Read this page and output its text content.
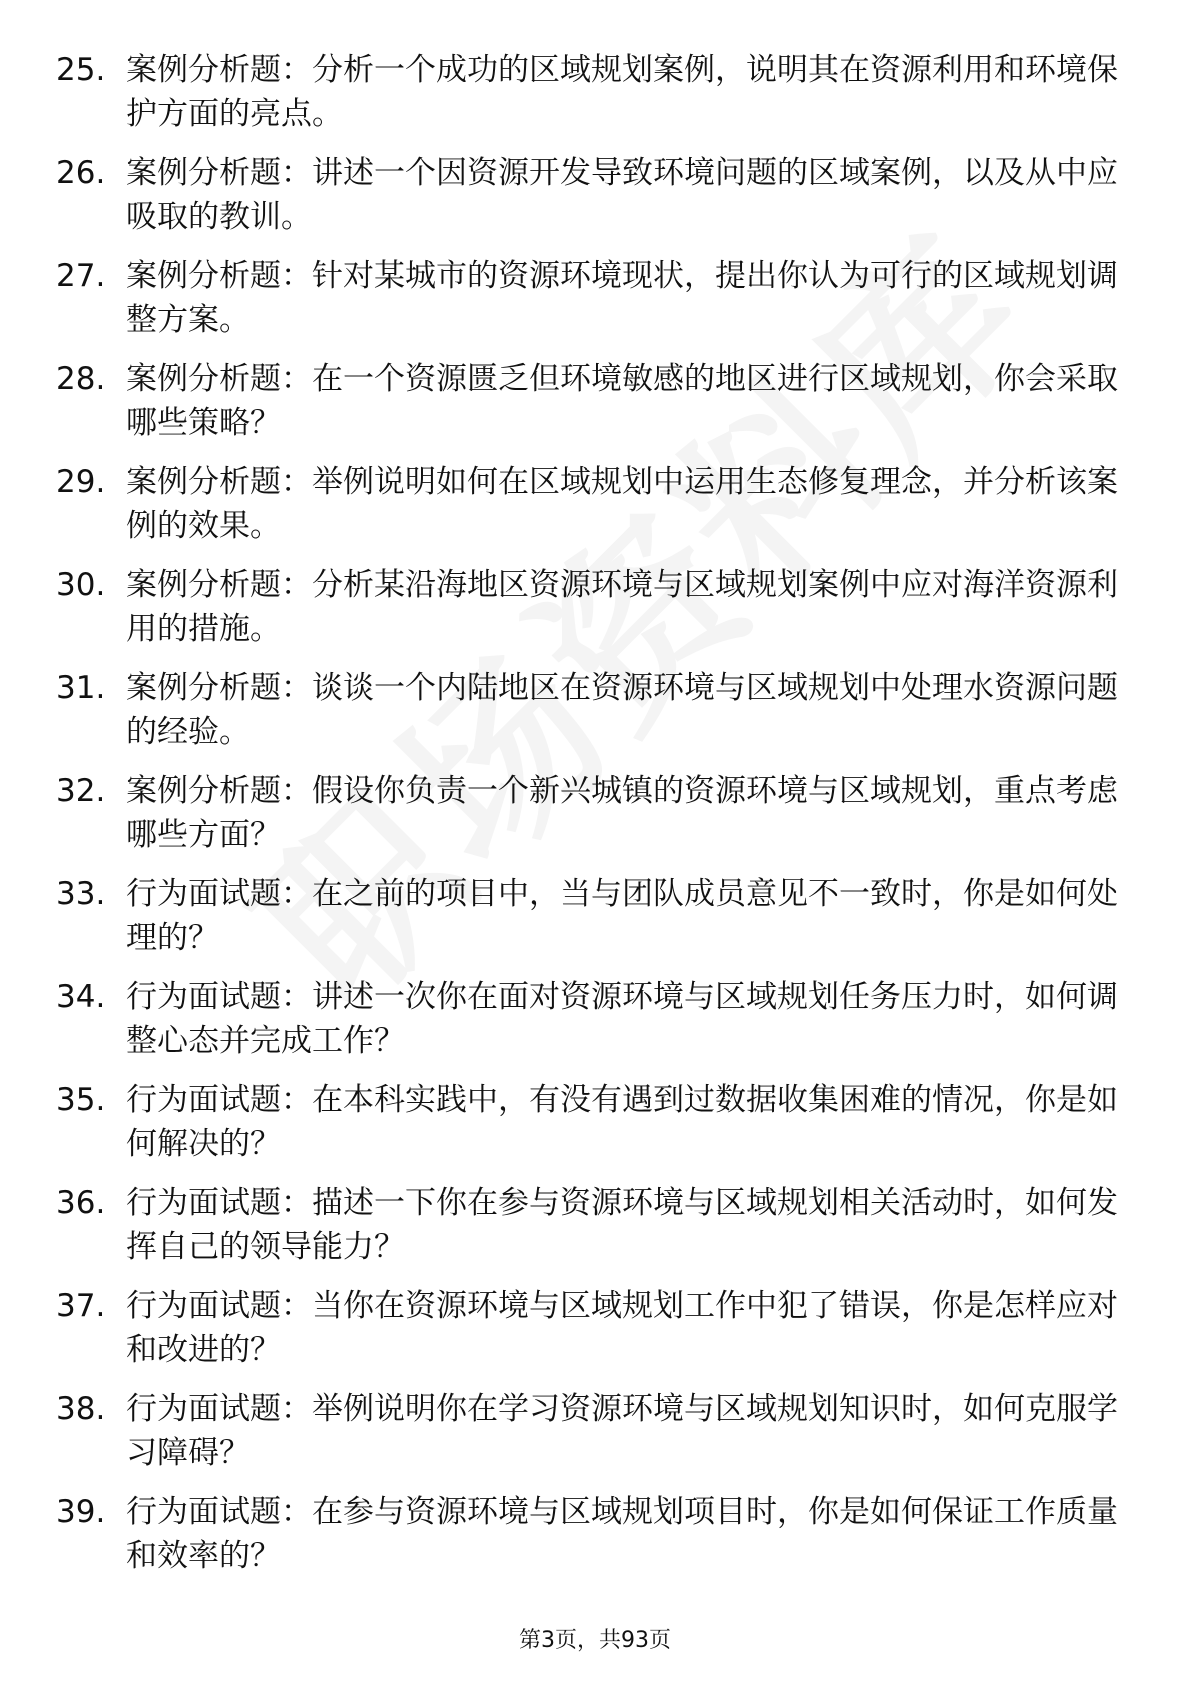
25. 案例分析题：分析一个成功的区域规划案例，说明其在资源利用和环境保护方面的亮点。
26. 案例分析题：讲述一个因资源开发导致环境问题的区域案例，以及从中应吸取的教训。
27. 案例分析题：针对某城市的资源环境现状，提出你认为可行的区域规划调整方案。
28. 案例分析题：在一个资源匮乏但环境敏感的地区进行区域规划，你会采取哪些策略？
29. 案例分析题：举例说明如何在区域规划中运用生态修复理念，并分析该案例的效果。
30. 案例分析题：分析某沿海地区资源环境与区域规划案例中应对海洋资源利用的措施。
31. 案例分析题：谈谈一个内陆地区在资源环境与区域规划中处理水资源问题的经验。
32. 案例分析题：假设你负责一个新兴城镇的资源环境与区域规划，重点考虑哪些方面？
33. 行为面试题：在之前的项目中，当与团队成员意见不一致时，你是如何处理的？
34. 行为面试题：讲述一次你在面对资源环境与区域规划任务压力时，如何调整心态并完成工作？
35. 行为面试题：在本科实践中，有没有遇到过数据收集困难的情况，你是如何解决的？
36. 行为面试题：描述一下你在参与资源环境与区域规划相关活动时，如何发挥自己的领导能力？
37. 行为面试题：当你在资源环境与区域规划工作中犯了错误，你是怎样应对和改进的？
38. 行为面试题：举例说明你在学习资源环境与区域规划知识时，如何克服学习障碍？
39. 行为面试题：在参与资源环境与区域规划项目时，你是如何保证工作质量和效率的？
第3页，共93页
